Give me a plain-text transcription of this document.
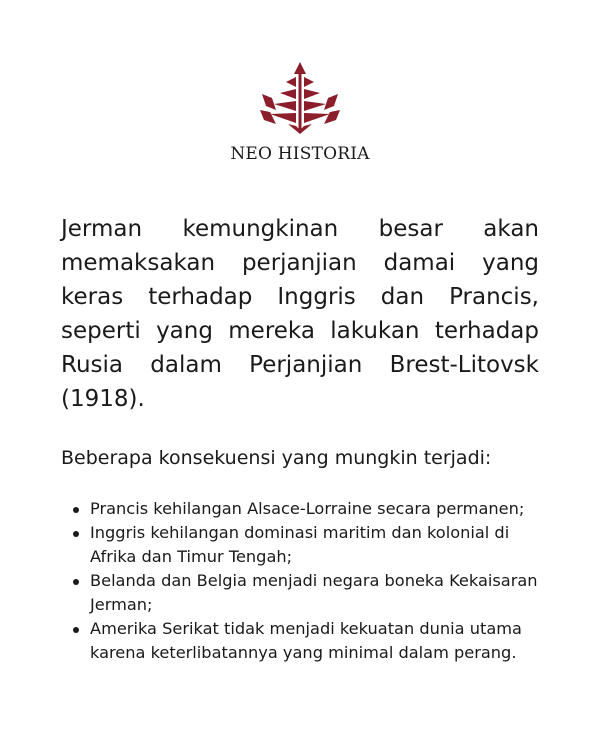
NEO HISTORIA

Jerman kemungkinan besar akan memaksakan perjanjian damai yang keras terhadap Inggris dan Prancis, seperti yang mereka lakukan terhadap Rusia dalam Perjanjian Brest-Litovsk (1918).

Beberapa konsekuensi yang mungkin terjadi:
Prancis kehilangan Alsace-Lorraine secara permanen;
Inggris kehilangan dominasi maritim dan kolonial di Afrika dan Timur Tengah;
Belanda dan Belgia menjadi negara boneka Kekaisaran Jerman;
Amerika Serikat tidak menjadi kekuatan dunia utama karena keterlibatannya yang minimal dalam perang.
